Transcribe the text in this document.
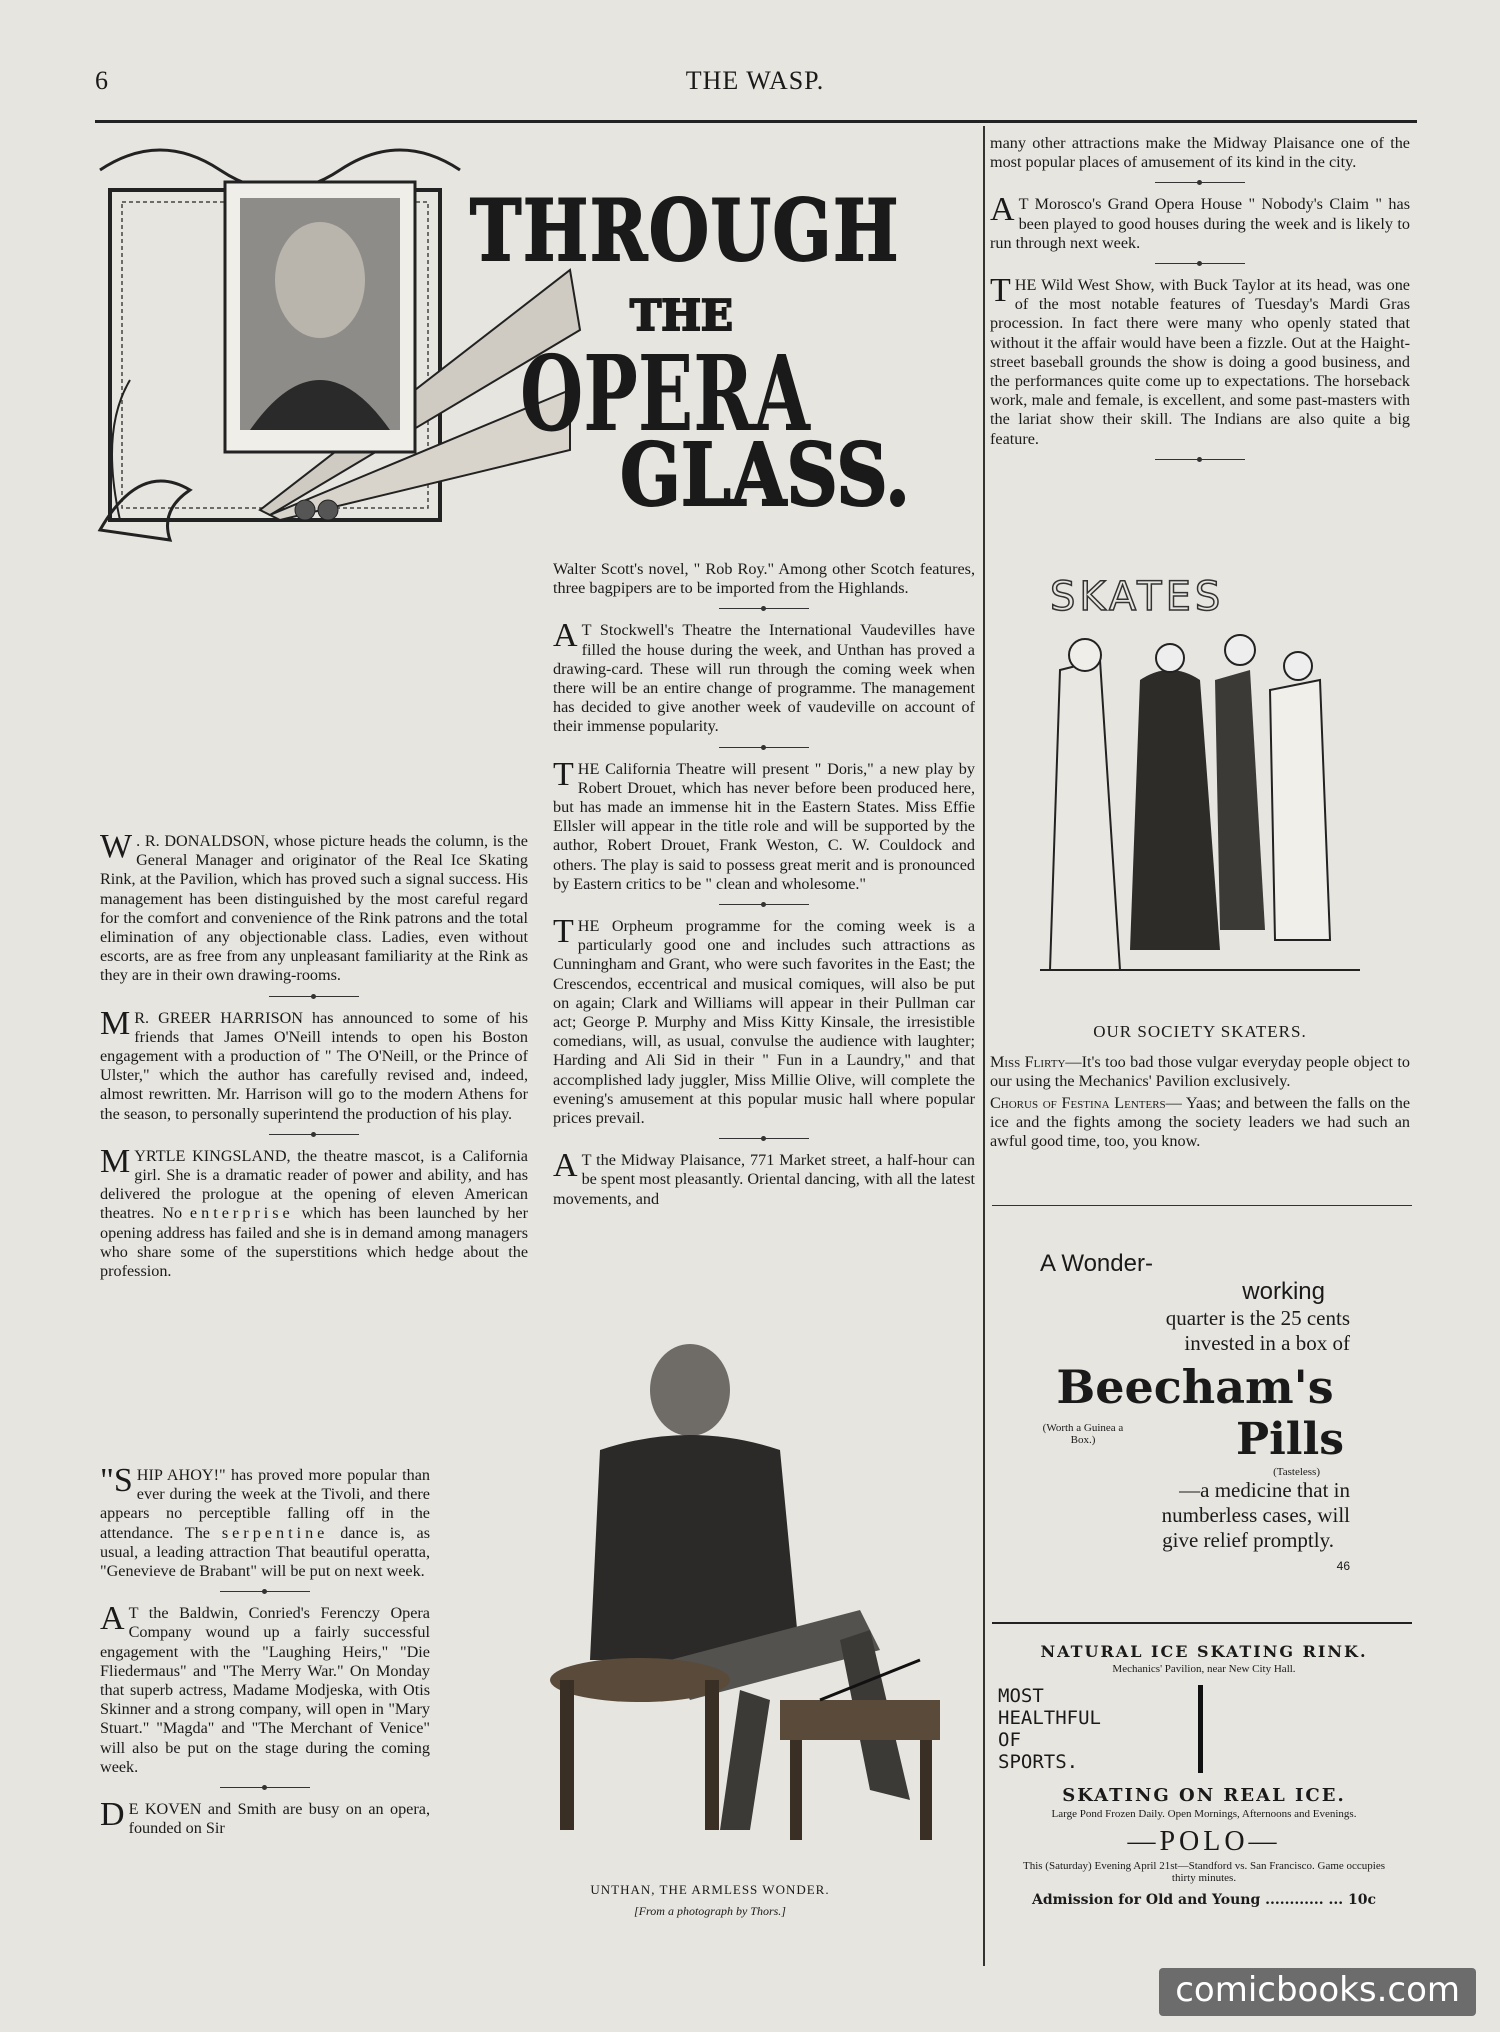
6	THE WASP.
THROUGH
THE
OPERA
GLASS.

W . R. DONALDSON, whose picture heads the column, is the General Manager and originator of the Real Ice Skating Rink, at the Pavilion, which has proved such a signal success. His management has been distinguished by the most careful regard for the comfort and convenience of the Rink patrons and the total elimination of any objectionable class. Ladies, even without escorts, are as free from any unpleasant familiarity at the Rink as they are in their own drawing-rooms.

M R. GREER HARRISON has announced to some of his friends that James O'Neill intends to open his Boston engagement with a production of " The O'Neill, or the Prince of Ulster," which the author has carefully revised and, indeed, almost rewritten. Mr. Harrison will go to the modern Athens for the season, to personally superintend the production of his play.

MYRTLE KINGSLAND, the theatre mascot, is a California girl. She is a dramatic reader of power and ability, and has delivered the prologue at the opening of eleven American theatres. No enterprise which has been launched by her opening address has failed and she is in demand among managers who share some of the superstitions which hedge about the profession.

"SHIP AHOY!" has proved more popular than ever during the week at the Tivoli, and there appears no perceptible falling off in the attendance. The serpentine dance is, as usual, a leading attraction That beautiful operatta, "Genevieve de Brabant" will be put on next week.

A T the Baldwin, Conried's Ferenczy Opera Company wound up a fairly successful engagement with the "Laughing Heirs," "Die Fliedermaus" and "The Merry War." On Monday that superb actress, Madame Modjeska, with Otis Skinner and a strong company, will open in "Mary Stuart." "Magda" and "The Merchant of Venice" will also be put on the stage during the coming week.

D E KOVEN and Smith are busy on an opera, founded on Sir

Walter Scott's novel, " Rob Roy." Among other Scotch features, three bagpipers are to be imported from the Highlands.

A T Stockwell's Theatre the International Vaudevilles have filled the house during the week, and Unthan has proved a drawing-card. These will run through the coming week when there will be an entire change of programme. The management has decided to give another week of vaudeville on account of their immense popularity.

THE California Theatre will present " Doris," a new play by Robert Drouet, which has never before been produced here, but has made an immense hit in the Eastern States. Miss Effie Ellsler will appear in the title role and will be supported by the author, Robert Drouet, Frank Weston, C. W. Couldock and others. The play is said to possess great merit and is pronounced by Eastern critics to be " clean and wholesome."

THE Orpheum programme for the coming week is a particularly good one and includes such attractions as Cunningham and Grant, who were such favorites in the East; the Crescendos, eccentrical and musical comiques, will also be put on again; Clark and Williams will appear in their Pullman car act; George P. Murphy and Miss Kitty Kinsale, the irresistible comedians, will, as usual, convulse the audience with laughter; Harding and Ali Sid in their " Fun in a Laundry," and that accomplished lady juggler, Miss Millie Olive, will complete the evening's amusement at this popular music hall where popular prices prevail.

A T the Midway Plaisance, 771 Market street, a half-hour can be spent most pleasantly. Oriental dancing, with all the latest movements, and

UNTHAN, THE ARMLESS WONDER.
[From a photograph by Thors.]

many other attractions make the Midway Plaisance one of the most popular places of amusement of its kind in the city.

A T Morosco's Grand Opera House " Nobody's Claim " has been played to good houses during the week and is likely to run through next week.

THE Wild West Show, with Buck Taylor at its head, was one of the most notable features of Tuesday's Mardi Gras procession. In fact there were many who openly stated that without it the affair would have been a fizzle. Out at the Haight-street baseball grounds the show is doing a good business, and the performances quite come up to expectations. The horseback work, male and female, is excellent, and some past-masters with the lariat show their skill. The Indians are also quite a big feature.

SKATES
OUR SOCIETY SKATERS.

Miss Flirty—It's too bad those vulgar everyday people object to our using the Mechanics' Pavilion exclusively.

Chorus of Festina Lenters— Yaas; and between the falls on the ice and the fights among the society leaders we had such an awful good time, too, you know.

A Wonder-
working
quarter is the 25 cents
invested in a box of
Beecham's
(Worth a Guinea a Box.)	Pills
(Tasteless)
—a medicine that in
numberless cases, will
give relief promptly.
46
NATURAL ICE SKATING RINK.
Mechanics' Pavilion, near New City Hall.
MOST
HEALTHFUL
OF
SPORTS.
SKATING ON REAL ICE.
Large Pond Frozen Daily. Open Mornings, Afternoons and Evenings.
—POLO—
This (Saturday) Evening April 21st—Standford vs. San Francisco. Game occupies thirty minutes.
Admission for Old and Young ............ ... 10c
comicbooks.com
